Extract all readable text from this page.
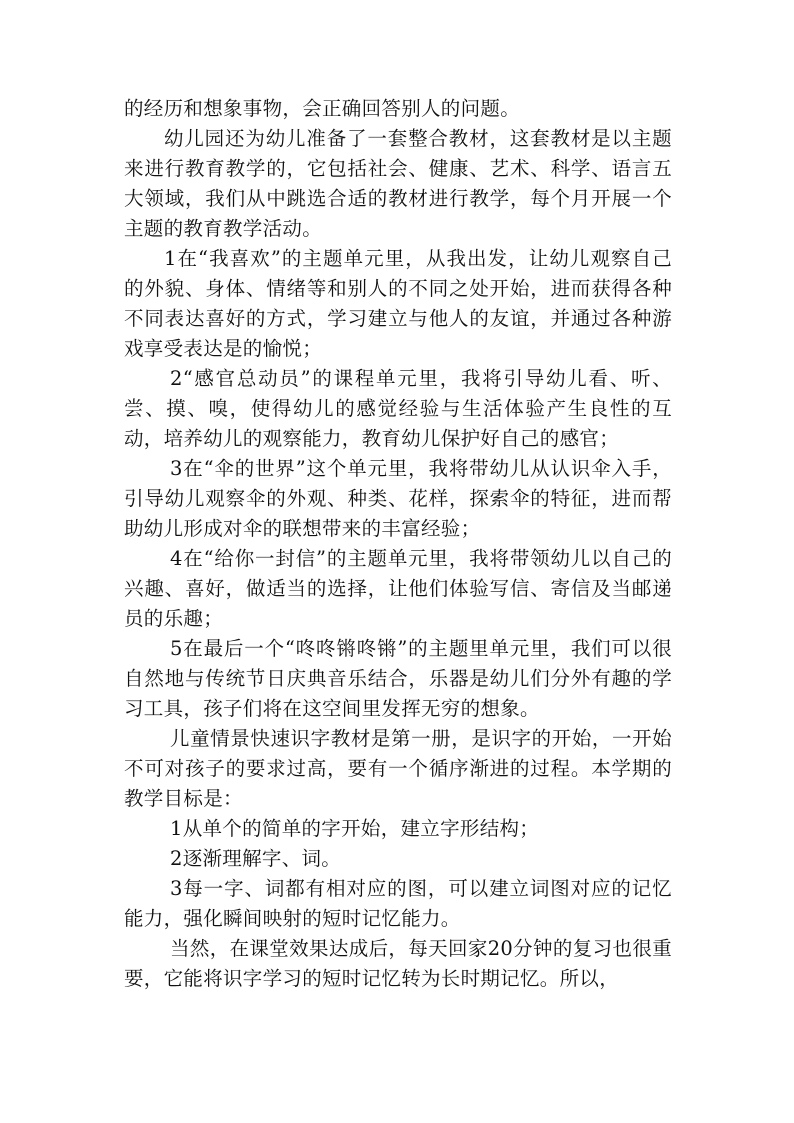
的经历和想象事物，会正确回答别人的问题。

幼儿园还为幼儿准备了一套整合教材，这套教材是以主题来进行教育教学的，它包括社会、健康、艺术、科学、语言五大领域，我们从中跳选合适的教材进行教学，每个月开展一个主题的教育教学活动。

1在“我喜欢”的主题单元里，从我出发，让幼儿观察自己的外貌、身体、情绪等和别人的不同之处开始，进而获得各种不同表达喜好的方式，学习建立与他人的友谊，并通过各种游戏享受表达是的愉悦；

2“感官总动员”的课程单元里，我将引导幼儿看、听、尝、摸、嗅，使得幼儿的感觉经验与生活体验产生良性的互动，培养幼儿的观察能力，教育幼儿保护好自己的感官；

3在“伞的世界”这个单元里，我将带幼儿从认识伞入手，引导幼儿观察伞的外观、种类、花样，探索伞的特征，进而帮助幼儿形成对伞的联想带来的丰富经验；

4在“给你一封信”的主题单元里，我将带领幼儿以自己的兴趣、喜好，做适当的选择，让他们体验写信、寄信及当邮递员的乐趣；

5在最后一个“咚咚锵咚锵”的主题里单元里，我们可以很自然地与传统节日庆典音乐结合，乐器是幼儿们分外有趣的学习工具，孩子们将在这空间里发挥无穷的想象。

儿童情景快速识字教材是第一册，是识字的开始，一开始不可对孩子的要求过高，要有一个循序渐进的过程。本学期的教学目标是：

1从单个的简单的字开始，建立字形结构；

2逐渐理解字、词。

3每一字、词都有相对应的图，可以建立词图对应的记忆能力，强化瞬间映射的短时记忆能力。

当然，在课堂效果达成后，每天回家20分钟的复习也很重要，它能将识字学习的短时记忆转为长时期记忆。所以，
